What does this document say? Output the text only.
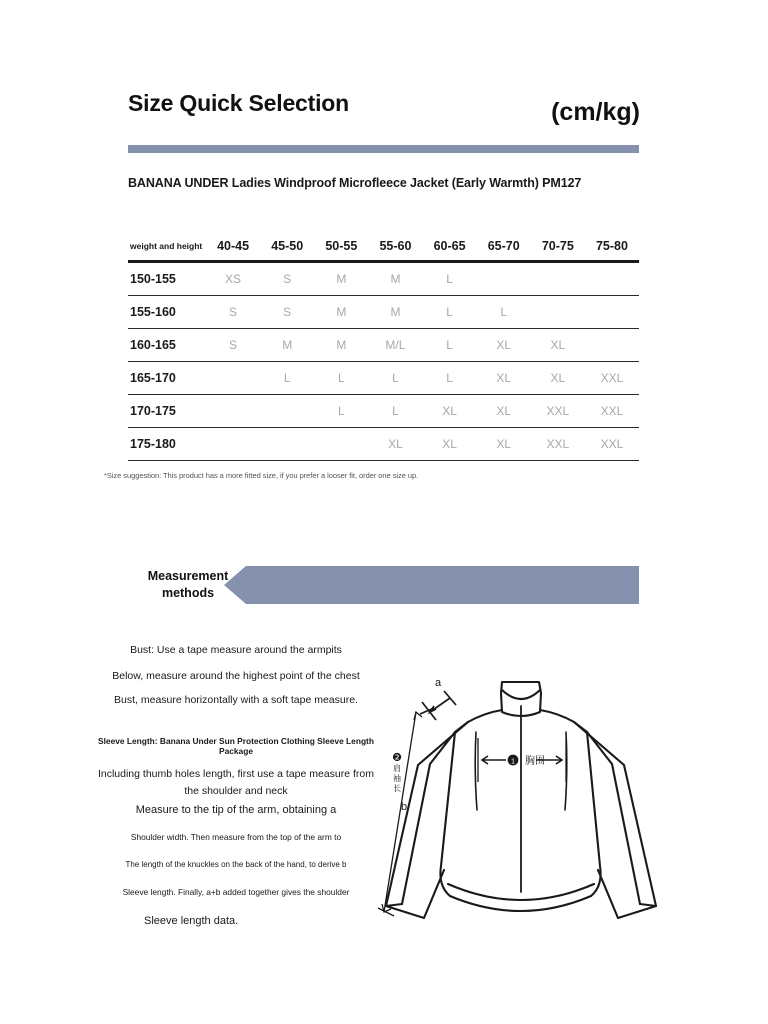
Size Quick Selection	(cm/kg)
BANANA UNDER Ladies Windproof Microfleece Jacket (Early Warmth) PM127
weight and height	40-45	45-50	50-55	55-60	60-65	65-70	70-75	75-80
150-155	XS	S	M	M	L			
155-160	S	S	M	M	L	L		
160-165	S	M	M	M/L	L	XL	XL	
165-170		L	L	L	L	XL	XL	XXL
170-175			L	L	XL	XL	XXL	XXL
175-180				XL	XL	XL	XXL	XXL
*Size suggestion: This product has a more fitted size, if you prefer a looser fit, order one size up.
Measurement
methods

Bust: Use a tape measure around the armpits

Below, measure around the highest point of the chest

Bust, measure horizontally with a soft tape measure.

Sleeve Length: Banana Under Sun Protection Clothing Sleeve Length Package

Including thumb holes length, first use a tape measure from the shoulder and neck

Measure to the tip of the arm, obtaining a

Shoulder width. Then measure from the top of the arm to

The length of the knuckles on the back of the hand, to derive b

Sleeve length. Finally, a+b added together gives the shoulder

Sleeve length data.

1 胸围
a
b
❷
肩
袖
长
